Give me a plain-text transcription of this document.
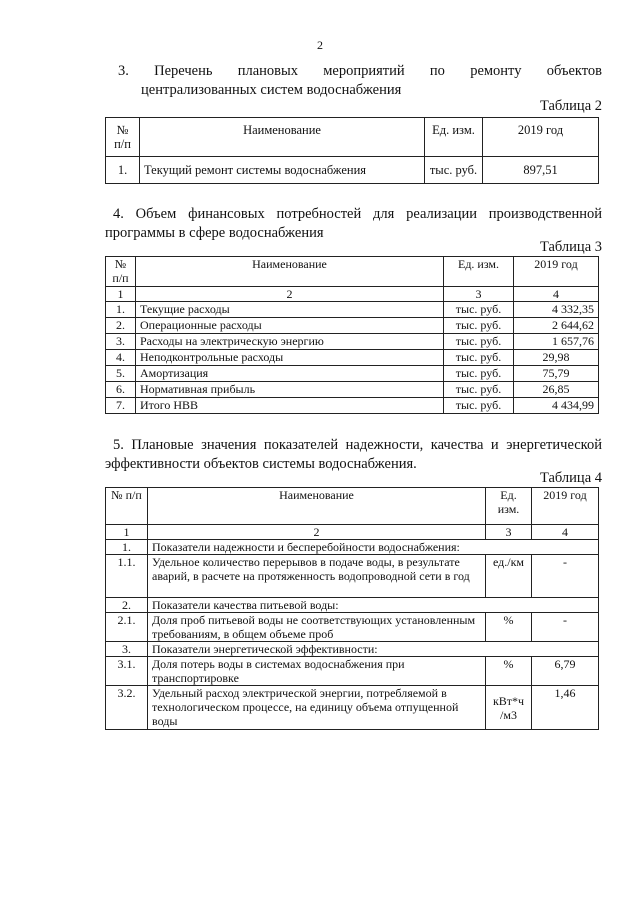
2
3. Перечень плановых мероприятий по ремонту объектов
централизованных систем водоснабжения
Таблица 2
№ п/п	Наименование	Ед. изм.	2019 год
1.	Текущий ремонт системы водоснабжения	тыс. руб.	897,51
4. Объем финансовых потребностей для реализации производственной
программы в сфере водоснабжения
Таблица 3
№ п/п	Наименование	Ед. изм.	2019 год
1	2	3	4
1.	Текущие расходы	тыс. руб.	4 332,35
2.	Операционные расходы	тыс. руб.	2 644,62
3.	Расходы на электрическую энергию	тыс. руб.	1 657,76
4.	Неподконтрольные расходы	тыс. руб.	29,98
5.	Амортизация	тыс. руб.	75,79
6.	Нормативная прибыль	тыс. руб.	26,85
7.	Итого НВВ	тыс. руб.	4 434,99
5. Плановые значения показателей надежности, качества и энергетической
эффективности объектов системы водоснабжения.
Таблица 4
№ п/п	Наименование	Ед. изм.	2019 год
1	2	3	4
1.	Показатели надежности и бесперебойности водоснабжения:		
1.1.	Удельное количество перерывов в подаче воды, в результате аварий, в расчете на протяженность водопроводной сети в год	ед./км	-
2.	Показатели качества питьевой воды:		
2.1.	Доля проб питьевой воды не соответствующих установленным требованиям, в общем объеме проб	%	-
3.	Показатели энергетической эффективности:		
3.1.	Доля потерь воды в системах водоснабжения при транспортировке	%	6,79
3.2.	Удельный расход электрической энергии, потребляемой в технологическом процессе, на единицу объема отпущенной воды	кВт*ч /м3	1,46
